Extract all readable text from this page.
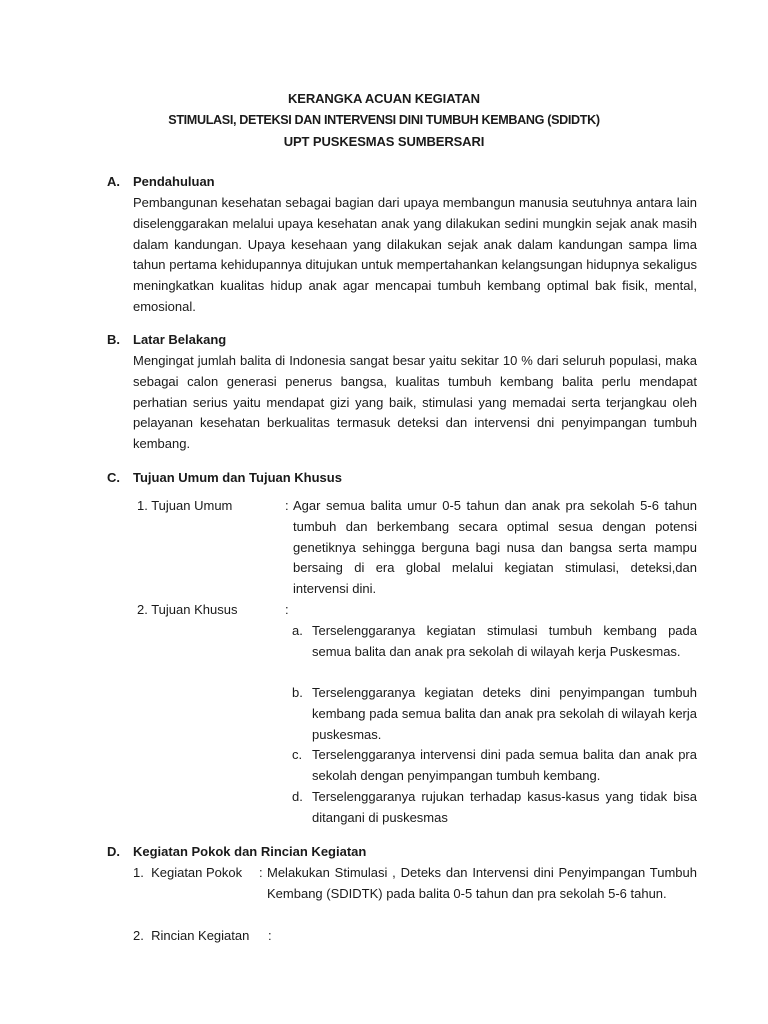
KERANGKA ACUAN KEGIATAN
STIMULASI, DETEKSI DAN INTERVENSI DINI TUMBUH KEMBANG (SDIDTK)
UPT PUSKESMAS SUMBERSARI
A. Pendahuluan
Pembangunan kesehatan sebagai bagian dari upaya membangun manusia seutuhnya antara lain diselenggarakan melalui upaya kesehatan anak yang dilakukan sedini mungkin sejak anak masih dalam kandungan. Upaya kesehaan yang dilakukan sejak anak dalam kandungan sampa lima tahun pertama kehidupannya ditujukan untuk mempertahankan kelangsungan hidupnya sekaligus meningkatkan kualitas hidup anak agar mencapai tumbuh kembang optimal bak fisik, mental, emosional.
B. Latar Belakang
Mengingat jumlah balita di Indonesia sangat besar yaitu sekitar 10 % dari seluruh populasi, maka sebagai calon generasi penerus bangsa, kualitas tumbuh kembang balita perlu mendapat perhatian serius yaitu mendapat gizi yang baik, stimulasi yang memadai serta terjangkau oleh pelayanan kesehatan berkualitas termasuk deteksi dan intervensi dni penyimpangan tumbuh kembang.
C. Tujuan Umum dan Tujuan Khusus
1. Tujuan Umum	: Agar semua balita umur 0-5 tahun dan anak pra sekolah 5-6 tahun tumbuh dan berkembang secara optimal sesua dengan potensi genetiknya sehingga berguna bagi nusa dan bangsa serta mampu bersaing di era global melalui kegiatan stimulasi, deteksi,dan intervensi dini.
2. Tujuan Khusus	:
a. Terselenggaranya kegiatan stimulasi tumbuh kembang pada semua balita dan anak pra sekolah di wilayah kerja Puskesmas.
b. Terselenggaranya kegiatan deteks dini penyimpangan tumbuh kembang pada semua balita dan anak pra sekolah di wilayah kerja puskesmas.
c. Terselenggaranya intervensi dini pada semua balita dan anak pra sekolah dengan penyimpangan tumbuh kembang.
d. Terselenggaranya rujukan terhadap kasus-kasus yang tidak bisa ditangani di puskesmas
D. Kegiatan Pokok dan Rincian Kegiatan
1.  Kegiatan Pokok : Melakukan Stimulasi , Deteks dan Intervensi dini Penyimpangan Tumbuh Kembang (SDIDTK) pada balita 0-5 tahun dan pra sekolah 5-6 tahun.
2.  Rincian Kegiatan :
